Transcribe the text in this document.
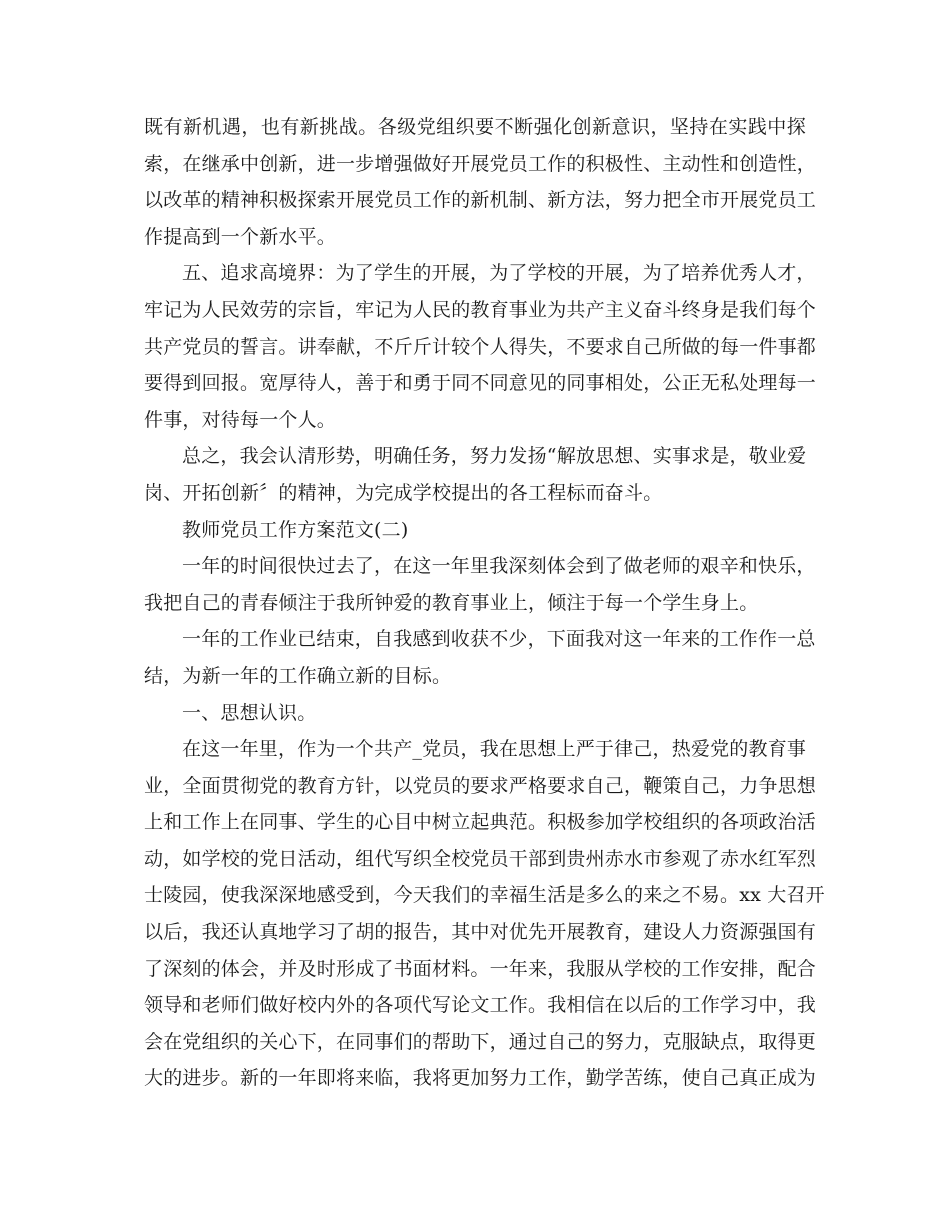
既有新机遇，也有新挑战。各级党组织要不断强化创新意识，坚持在实践中探
索，在继承中创新，进一步增强做好开展党员工作的积极性、主动性和创造性，
以改革的精神积极探索开展党员工作的新机制、新方法，努力把全市开展党员工
作提高到一个新水平。
五、追求高境界：为了学生的开展，为了学校的开展，为了培养优秀人才，
牢记为人民效劳的宗旨，牢记为人民的教育事业为共产主义奋斗终身是我们每个
共产党员的誓言。讲奉献，不斤斤计较个人得失，不要求自己所做的每一件事都
要得到回报。宽厚待人，善于和勇于同不同意见的同事相处，公正无私处理每一
件事，对待每一个人。
总之，我会认清形势，明确任务，努力发扬“解放思想、实事求是，敬业爱
岗、开拓创新〞的精神，为完成学校提出的各工程标而奋斗。
教师党员工作方案范文(二)
一年的时间很快过去了，在这一年里我深刻体会到了做老师的艰辛和快乐，
我把自己的青春倾注于我所钟爱的教育事业上，倾注于每一个学生身上。
一年的工作业已结束，自我感到收获不少，下面我对这一年来的工作作一总
结，为新一年的工作确立新的目标。
一、思想认识。
在这一年里，作为一个共产_党员，我在思想上严于律己，热爱党的教育事
业，全面贯彻党的教育方针，以党员的要求严格要求自己，鞭策自己，力争思想
上和工作上在同事、学生的心目中树立起典范。积极参加学校组织的各项政治活
动，如学校的党日活动，组代写织全校党员干部到贵州赤水市参观了赤水红军烈
士陵园，使我深深地感受到，今天我们的幸福生活是多么的来之不易。xx 大召开
以后，我还认真地学习了胡的报告，其中对优先开展教育，建设人力资源强国有
了深刻的体会，并及时形成了书面材料。一年来，我服从学校的工作安排，配合
领导和老师们做好校内外的各项代写论文工作。我相信在以后的工作学习中，我
会在党组织的关心下，在同事们的帮助下，通过自己的努力，克服缺点，取得更
大的进步。新的一年即将来临，我将更加努力工作，勤学苦练，使自己真正成为
